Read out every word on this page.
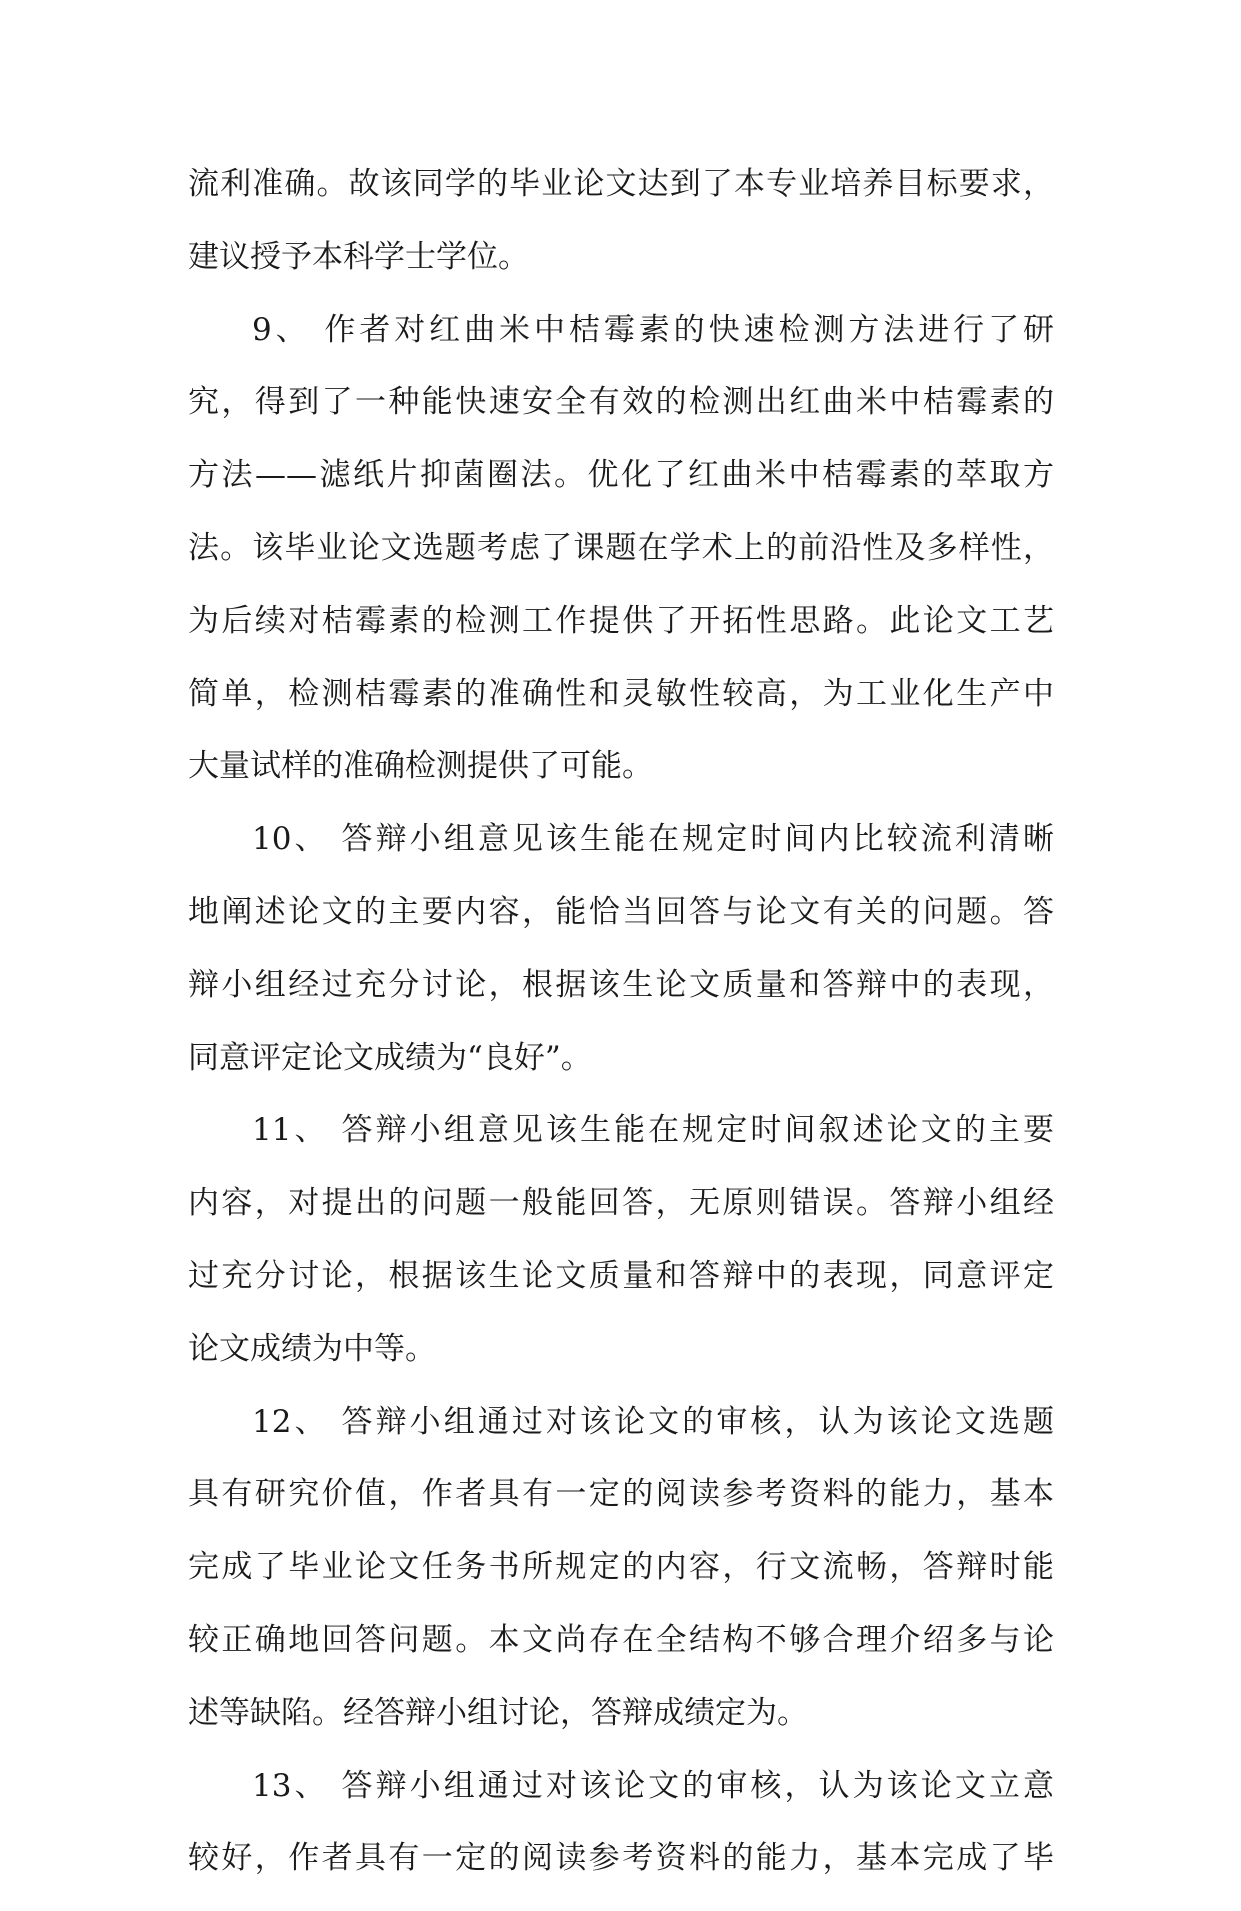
流利准确。故该同学的毕业论文达到了本专业培养目标要求，
建议授予本科学士学位。
9、 作者对红曲米中桔霉素的快速检测方法进行了研
究，得到了一种能快速安全有效的检测出红曲米中桔霉素的
方法——滤纸片抑菌圈法。优化了红曲米中桔霉素的萃取方
法。该毕业论文选题考虑了课题在学术上的前沿性及多样性，
为后续对桔霉素的检测工作提供了开拓性思路。此论文工艺
简单，检测桔霉素的准确性和灵敏性较高，为工业化生产中
大量试样的准确检测提供了可能。
10、 答辩小组意见该生能在规定时间内比较流利清晰
地阐述论文的主要内容，能恰当回答与论文有关的问题。答
辩小组经过充分讨论，根据该生论文质量和答辩中的表现，
同意评定论文成绩为“良好”。
11、 答辩小组意见该生能在规定时间叙述论文的主要
内容，对提出的问题一般能回答，无原则错误。答辩小组经
过充分讨论，根据该生论文质量和答辩中的表现，同意评定
论文成绩为中等。
12、 答辩小组通过对该论文的审核，认为该论文选题
具有研究价值，作者具有一定的阅读参考资料的能力，基本
完成了毕业论文任务书所规定的内容，行文流畅，答辩时能
较正确地回答问题。本文尚存在全结构不够合理介绍多与论
述等缺陷。经答辩小组讨论，答辩成绩定为。
13、 答辩小组通过对该论文的审核，认为该论文立意
较好，作者具有一定的阅读参考资料的能力，基本完成了毕
